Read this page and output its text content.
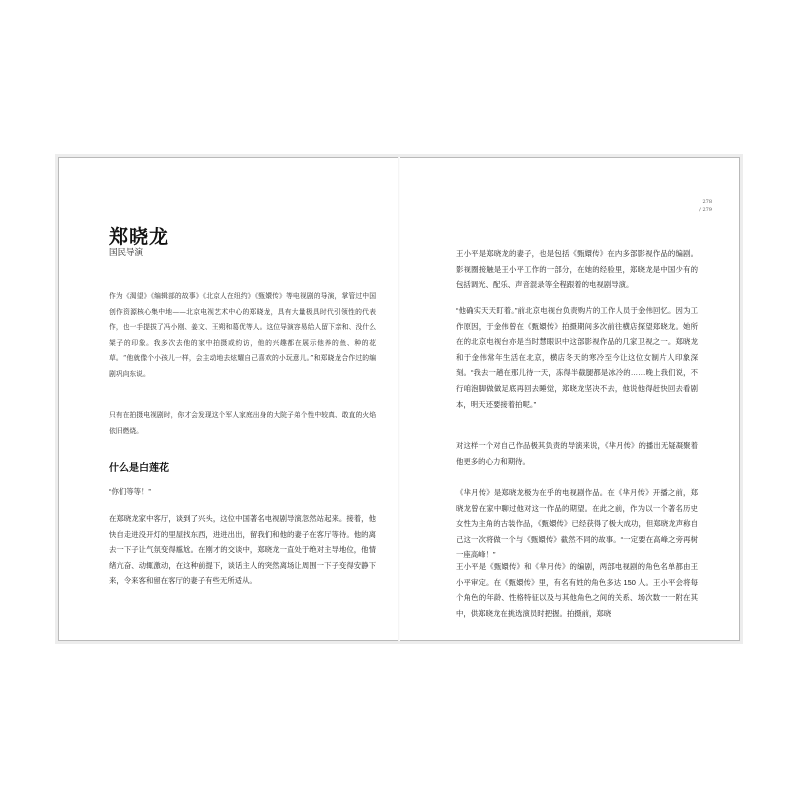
278
/ 279
郑晓龙

国民导演

作为《渴望》《编辑部的故事》《北京人在纽约》《甄嬛传》等电视剧的导演，掌管过中国创作资源核心集中地——北京电视艺术中心的郑晓龙，具有大量极具时代引领性的代表作，也一手提拔了冯小刚、姜文、王朔和葛优等人。这位导演容易给人留下亲和、没什么架子的印象。我多次去他的家中拍摄或約访，他的兴趣都在展示他养的鱼、种的花草。“他就像个小孩儿一样，会主动地去炫耀自己喜欢的小玩意儿。”和郑晓龙合作过的编剧巩向东说。

只有在拍摄电视剧时，你才会发现这个军人家庭出身的大院子弟个性中较真、敢直的火焰依旧燃烧。

什么是白莲花

“你们等等！”

在郑晓龙家中客厅，谈到了兴头，这位中国著名电视剧导演忽然站起来。接着，他快自走进没开灯的里屋找东西，进进出出，留我们和他的妻子在客厅等待。他的离去一下子让气氛变得尴尬。在刚才的交谈中，郑晓龙一直处于绝对主导地位，他情绪亢奋、动辄激动，在这种前提下，谈话主人的突然离场让周围一下子变得安静下来，令来客和留在客厅的妻子有些无所适从。

王小平是郑晓龙的妻子，也是包括《甄嬛传》在内多部影视作品的编剧。影视圈接触是王小平工作的一部分，在她的经验里，郑晓龙是中国少有的包括调光、配乐、声音混录等全程跟着的电视剧导演。

“他确实天天盯着。”前北京电视台负责购片的工作人员于金伟回忆。因为工作原因，于金伟曾在《甄嬛传》拍摄期间多次前往横店探望郑晓龙。她所在的北京电视台亦是当时慧眼识中这部影视作品的几家卫视之一。郑晓龙和于金伟常年生活在北京，横店冬天的寒冷至今让这位女制片人印象深刻。“我去一趟在那儿待一天，冻得半截腿都是冰冷的……晚上我们说，不行咱泡脚做做足底再回去睡觉，郑晓龙坚决不去，他说他得赶快回去看剧本，明天还要接着拍呢。”

对这样一个对自己作品极其负责的导演来说，《芈月传》的播出无疑凝聚着他更多的心力和期待。

《芈月传》是郑晓龙极为在乎的电视剧作品。在《芈月传》开播之前，郑晓龙曾在家中聊过他对这一作品的期望。在此之前，作为以一个著名历史女性为主角的古装作品，《甄嬛传》已经获得了极大成功，但郑晓龙声称自己这一次将做一个与《甄嬛传》截然不同的故事。“一定要在高峰之旁再树一座高峰！”

王小平是《甄嬛传》和《芈月传》的编剧，两部电视剧的角色名单都由王小平审定。在《甄嬛传》里，有名有姓的角色多达 150 人。王小平会将每个角色的年龄、性格特征以及与其他角色之间的关系、场次数一一附在其中，供郑晓龙在挑选演员时把握。拍摄前，郑晓
